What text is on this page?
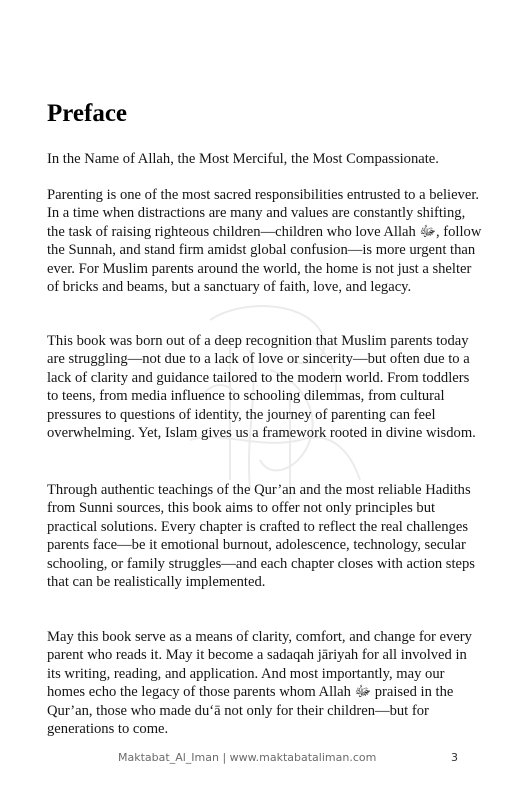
Preface

In the Name of Allah, the Most Merciful, the Most Compassionate.

Parenting is one of the most sacred responsibilities entrusted to a believer. In a time when distractions are many and values are constantly shifting, the task of raising righteous children—children who love Allah ﷻ, follow the Sunnah, and stand firm amidst global confusion—is more urgent than ever. For Muslim parents around the world, the home is not just a shelter of bricks and beams, but a sanctuary of faith, love, and legacy.

This book was born out of a deep recognition that Muslim parents today are struggling—not due to a lack of love or sincerity—but often due to a lack of clarity and guidance tailored to the modern world. From toddlers to teens, from media influence to schooling dilemmas, from cultural pressures to questions of identity, the journey of parenting can feel overwhelming. Yet, Islam gives us a framework rooted in divine wisdom.

Through authentic teachings of the Qur’an and the most reliable Hadiths from Sunni sources, this book aims to offer not only principles but practical solutions. Every chapter is crafted to reflect the real challenges parents face—be it emotional burnout, adolescence, technology, secular schooling, or family struggles—and each chapter closes with action steps that can be realistically implemented.

May this book serve as a means of clarity, comfort, and change for every parent who reads it. May it become a sadaqah jāriyah for all involved in its writing, reading, and application. And most importantly, may our homes echo the legacy of those parents whom Allah ﷻ praised in the Qur’an, those who made du‘ā not only for their children—but for generations to come.

Maktabat_Al_Iman | www.maktabataliman.com	3
